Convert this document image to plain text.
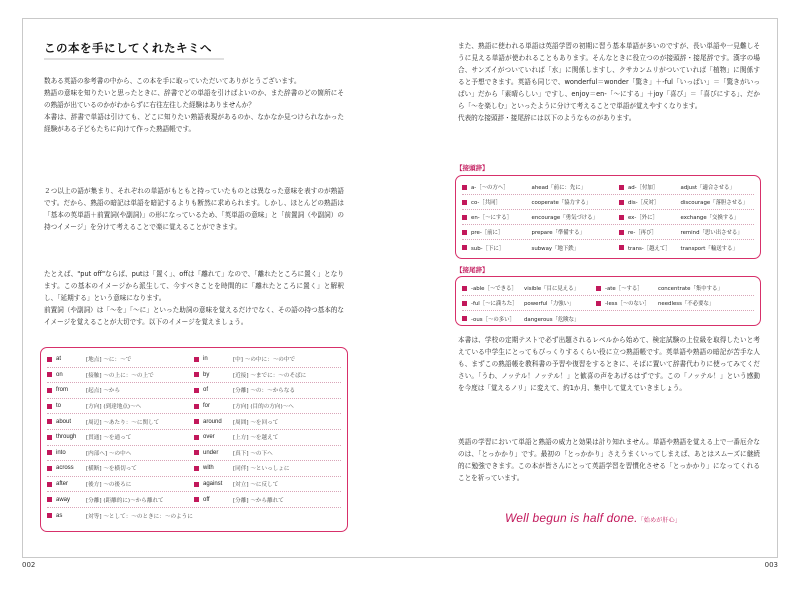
この本を手にしてくれたキミへ

数ある英語の参考書の中から、この本を手に取っていただいてありがとうございます。

熟語の意味を知りたいと思ったときに、辞書でどの単語を引けばよいのか、また辞書のどの箇所にその熟語が出ているのかがわからずに右往左往した経験はありませんか？

本書は、辞書で単語は引けても、どこに知りたい熟語表現があるのか、なかなか見つけられなかった経験がある子どもたちに向けて作った熟語帳です。

２つ以上の語が集まり、それぞれの単語がもともと持っていたものとは異なった意味を表すのが熟語です。だから、熟語の暗記は単語を暗記するよりも断然に求められます。しかし、ほとんどの熟語は「基本の英単語＋前置詞(や副詞)」の形になっているため、「英単語の意味」と「前置詞（や副詞）の持つイメージ」を分けて考えることで楽に覚えることができます。

たとえば、"put off"ならば、putは「置く」、offは「離れて」なので、「離れたところに置く」となります。この基本のイメージから派生して、今すべきことを時間的に「離れたところに置く」と解釈し、「延期する」という意味になります。

前置詞（や副詞）は「～を」「～に」といった助詞の意味を覚えるだけでなく、その語の持つ基本的なイメージを覚えることが大切です。以下のイメージを覚えましょう。

at	[地点] ～に：～で	in	[中] ～の中に：～の中で
on	[接触] ～の上に：～の上で	by	[近接] ～までに：～のそばに
from	[起点] ～から	of	[分離] ～の：～からなる
to	[方向] (到達地点)～へ	for	[方向] (目的の方向)～へ
about	[周辺] ～あたり：～に関して	around	[周囲] ～を回って
through	[貫通] ～を通って	over	[上方] ～を越えて
into	[内部へ] ～の中へ	under	[真下] ～の下へ
across	[横断] ～を横切って	with	[同伴] ～といっしょに
after	[後方] ～の後ろに	against	[対立] ～に反して
away	[分離] (距離的に)～から離れて	off	[分離] ～から離れて
as	[対等] ～として：～のときに：～のように
002

また、熟語に使われる単語は英語学習の初期に習う基本単語が多いのですが、長い単語や一見難しそうに見える単語が使われることもあります。そんなときに役立つのが接頭辞・接尾辞です。漢字の場合、サンズイがついていれば「水」に関係しますし、クサカンムリがついていれば「植物」に関係すると予想できます。英語も同じで、wonderful＝wonder「驚き」＋-ful「いっぱい」＝「驚きがいっぱい」だから「素晴らしい」ですし、enjoy＝en-「～にする」＋joy「喜び」＝「喜びにする」、だから「～を楽しむ」といったように分けて考えることで単語が覚えやすくなります。

代表的な接頭辞・接尾辞には以下のようなものがあります。

【接頭辞】
a-［～の方へ］	ahead「前に：先に」	ad-［付加］	adjust「適合させる」
co-［共同］	cooperate「協力する」	dis-［反対］	discourage「落胆させる」
en-［～にする］	encourage「勇気づける」	ex-［外に］	exchange「交換する」
pre-［前に］	prepare「準備する」	re-［再び］	remind「思い出させる」
sub-［下に］	subway「地下鉄」	trans-［越えて］ transport「輸送する」
【接尾辞】
003
-able［～できる］ visible「目に見える」	-ate［～する］	concentrate「集中する」
-ful［～に満ちた］ powerful「力強い」	-less［～のない］ needless「不必要な」
-ous［～の多い］ dangerous「危険な」

本書は、学校の定期テストで必ず出題されるレベルから始めて、検定試験の上位級を取得したいと考えている中学生にとってもびっくりするくらい役に立つ熟語帳です。英単語や熟語の暗記が苦手な人も、まずこの熟語帳を教科書の予習や復習をするときに、そばに置いて辞書代わりに使ってみてください。「うわ、ノッテル！ノッテル！」と歓喜の声をあげるはずです。この「ノッテル！」という感動を今度は「覚えるノリ」に変えて、約1か月、集中して覚えていきましょう。

英語の学習において単語と熟語の威力と効果は計り知れません。単語や熟語を覚える上で一番厄介なのは、「とっかかり」です。最初の「とっかかり」さえうまくいってしまえば、あとはスムーズに継続的に勉強できます。この本が皆さんにとって英語学習を習慣化させる「とっかかり」になってくれることを祈っています。

Well begun is half done.「始めが肝心」
